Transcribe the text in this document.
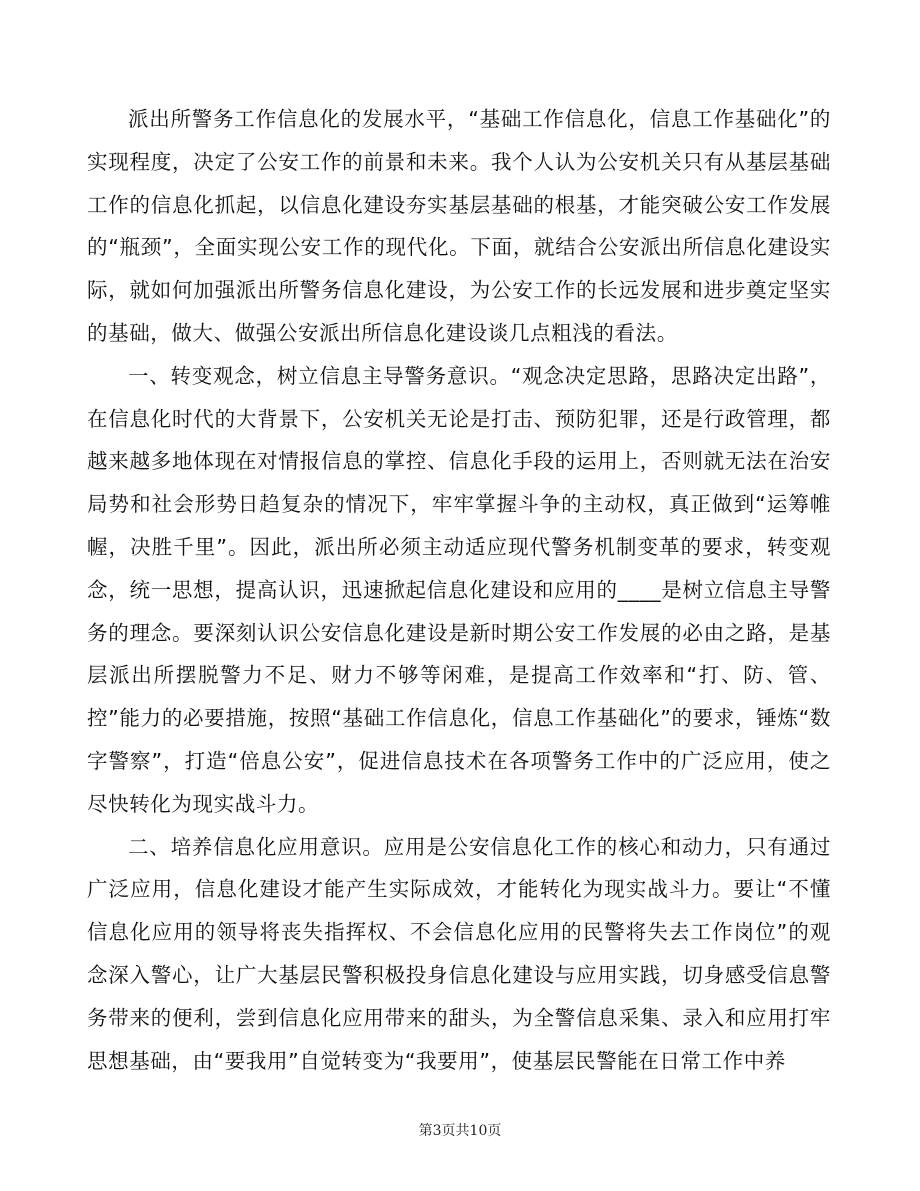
派出所警务工作信息化的发展水平，“基础工作信息化，信息工作基础化”的实现程度，决定了公安工作的前景和未来。我个人认为公安机关只有从基层基础工作的信息化抓起，以信息化建设夯实基层基础的根基，才能突破公安工作发展的“瓶颈”，全面实现公安工作的现代化。下面，就结合公安派出所信息化建设实际，就如何加强派出所警务信息化建设，为公安工作的长远发展和进步奠定坚实的基础，做大、做强公安派出所信息化建设谈几点粗浅的看法。

一、转变观念，树立信息主导警务意识。“观念决定思路，思路决定出路”，在信息化时代的大背景下，公安机关无论是打击、预防犯罪，还是行政管理，都越来越多地体现在对情报信息的掌控、信息化手段的运用上，否则就无法在治安局势和社会形势日趋复杂的情况下，牢牢掌握斗争的主动权，真正做到“运筹帷幄，决胜千里”。因此，派出所必须主动适应现代警务机制变革的要求，转变观念，统一思想，提高认识，迅速掀起信息化建设和应用的____是树立信息主导警务的理念。要深刻认识公安信息化建设是新时期公安工作发展的必由之路，是基层派出所摆脱警力不足、财力不够等闲难，是提高工作效率和“打、防、管、控”能力的必要措施，按照“基础工作信息化，信息工作基础化”的要求，锤炼“数字警察”，打造“倍息公安”，促进信息技术在各项警务工作中的广泛应用，使之尽快转化为现实战斗力。

二、培养信息化应用意识。应用是公安信息化工作的核心和动力，只有通过广泛应用，信息化建设才能产生实际成效，才能转化为现实战斗力。要让“不懂信息化应用的领导将丧失指挥权、不会信息化应用的民警将失去工作岗位”的观念深入警心，让广大基层民警积极投身信息化建设与应用实践，切身感受信息警务带来的便利，尝到信息化应用带来的甜头，为全警信息采集、录入和应用打牢思想基础，由“要我用”自觉转变为“我要用”，使基层民警能在日常工作中养

第3页共10页
